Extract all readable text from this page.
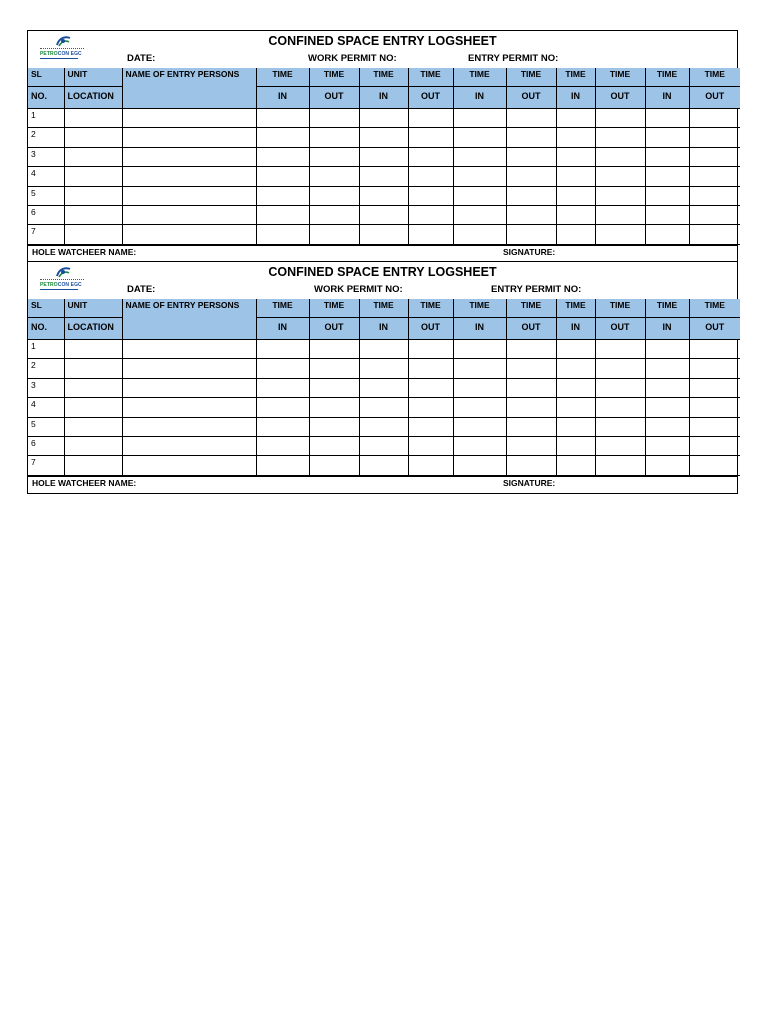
PETROCON EGC
CONFINED SPACE ENTRY LOGSHEET
DATE:	WORK PERMIT NO:	ENTRY PERMIT NO:
SL	UNIT	NAME OF ENTRY PERSONS	TIME	TIME	TIME	TIME	TIME	TIME	TIME	TIME	TIME	TIME
NO.	LOCATION		IN	OUT	IN	OUT	IN	OUT	IN	OUT	IN	OUT
1												
2												
3												
4												
5												
6												
7												
HOLE WATCHEER NAME:	SIGNATURE:
PETROCON EGC
CONFINED SPACE ENTRY LOGSHEET
DATE:	WORK PERMIT NO:	ENTRY PERMIT NO:
SL	UNIT	NAME OF ENTRY PERSONS	TIME	TIME	TIME	TIME	TIME	TIME	TIME	TIME	TIME	TIME
NO.	LOCATION		IN	OUT	IN	OUT	IN	OUT	IN	OUT	IN	OUT
1												
2												
3												
4												
5												
6												
7												
HOLE WATCHEER NAME:	SIGNATURE:
